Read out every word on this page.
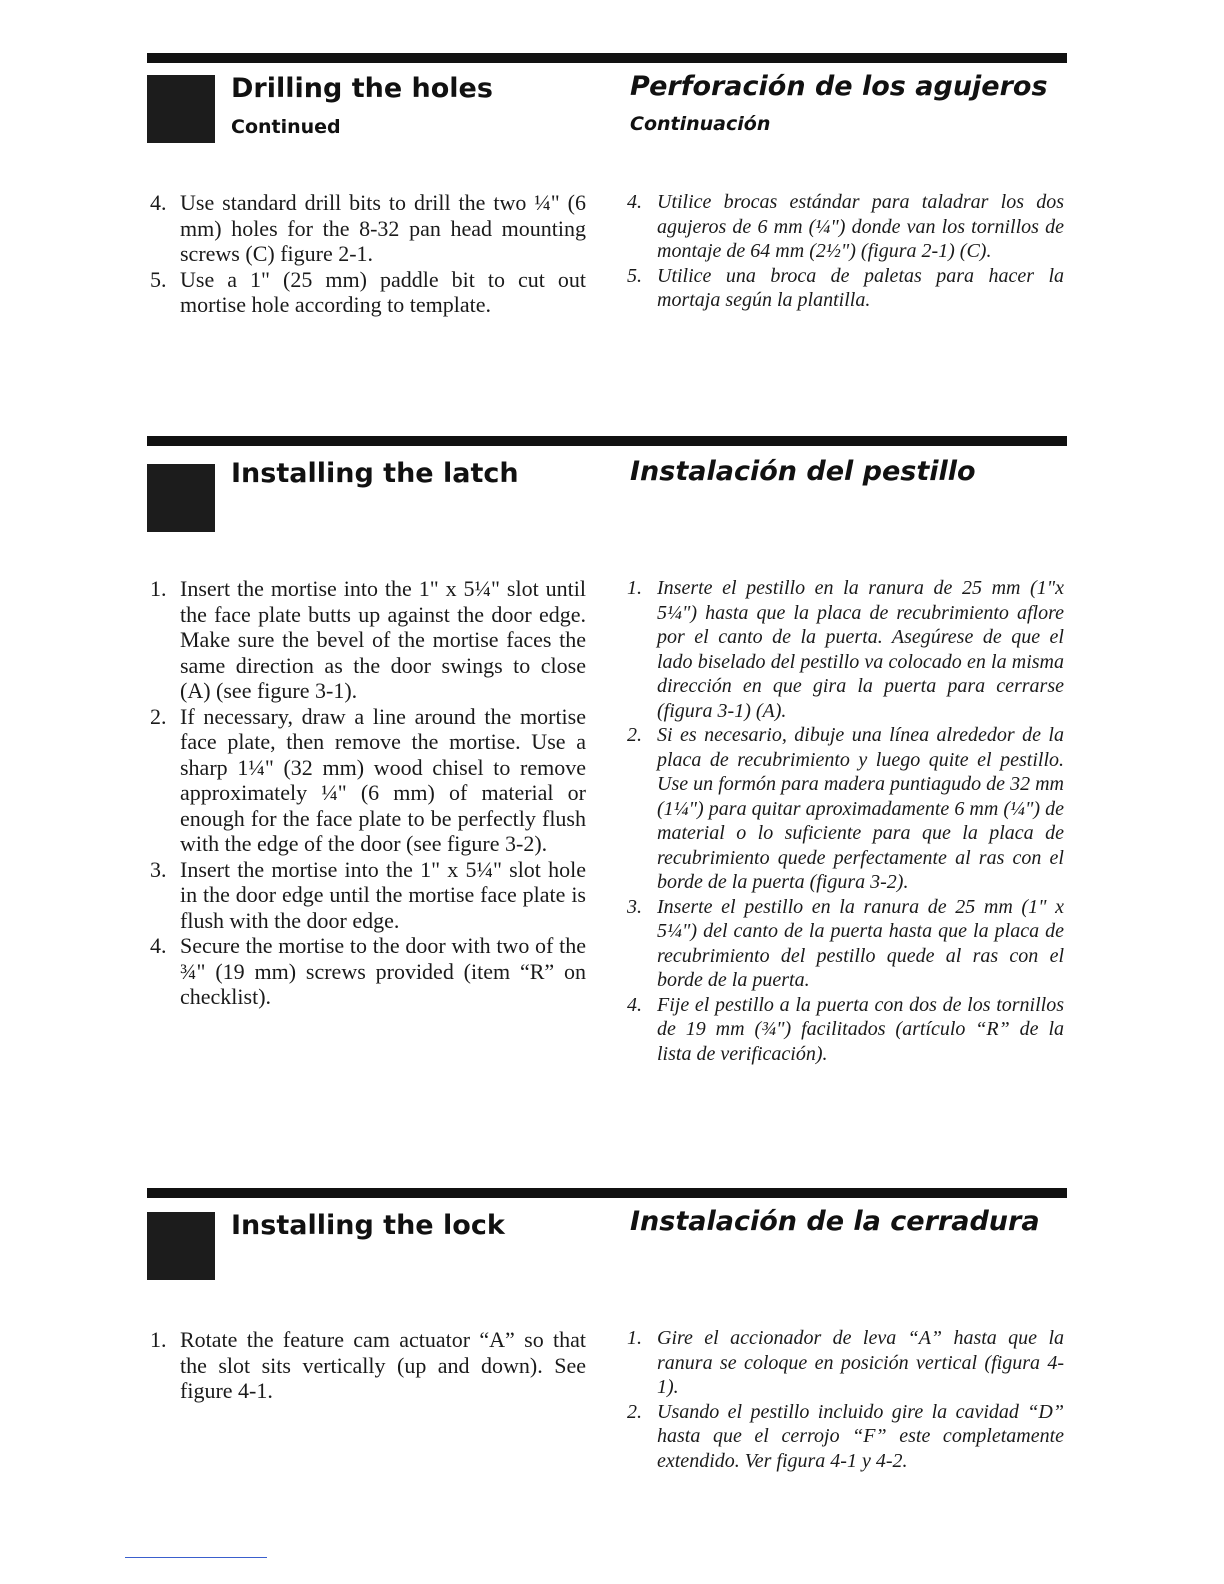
Drilling the holes
Continued
Perforación de los agujeros
Continuación
4. Use standard drill bits to drill the two ¼" (6 mm) holes for the 8-32 pan head mounting screws (C) figure 2-1.
5. Use a 1" (25 mm) paddle bit to cut out mortise hole according to template.
4. Utilice brocas estándar para taladrar los dos agujeros de 6 mm (¼") donde van los tornillos de montaje de 64 mm (2½") (figura 2-1) (C).
5. Utilice una broca de paletas para hacer la mortaja según la plantilla.
Installing the latch	Instalación del pestillo
1. Insert the mortise into the 1" x 5¼" slot until the face plate butts up against the door edge. Make sure the bevel of the mortise faces the same direction as the door swings to close (A) (see figure 3-1).
2. If necessary, draw a line around the mortise face plate, then remove the mortise. Use a sharp 1¼" (32 mm) wood chisel to remove approximately ¼" (6 mm) of material or enough for the face plate to be perfectly flush with the edge of the door (see figure 3-2).
3. Insert the mortise into the 1" x 5¼" slot hole in the door edge until the mortise face plate is flush with the door edge.
4. Secure the mortise to the door with two of the ¾" (19 mm) screws provided (item “R” on checklist).
1. Inserte el pestillo en la ranura de 25 mm (1"x 5¼") hasta que la placa de recubrimiento aflore por el canto de la puerta. Asegúrese de que el lado biselado del pestillo va colocado en la misma dirección en que gira la puerta para cerrarse (figura 3-1) (A).
2. Si es necesario, dibuje una línea alrededor de la placa de recubrimiento y luego quite el pestillo. Use un formón para madera puntiagudo de 32 mm (1¼") para quitar aproximadamente 6 mm (¼") de material o lo suficiente para que la placa de recubrimiento quede perfectamente al ras con el borde de la puerta (figura 3-2).
3. Inserte el pestillo en la ranura de 25 mm (1" x 5¼") del canto de la puerta hasta que la placa de recubrimiento del pestillo quede al ras con el borde de la puerta.
4. Fije el pestillo a la puerta con dos de los tornillos de 19 mm (¾") facilitados (artículo “R” de la lista de verificación).
Installing the lock	Instalación de la cerradura
1. Rotate the feature cam actuator “A” so that the slot sits vertically (up and down). See figure 4-1.
1. Gire el accionador de leva “A” hasta que la ranura se coloque en posición vertical (figura 4-1).
2. Usando el pestillo incluido gire la cavidad “D” hasta que el cerrojo “F” este completamente extendido. Ver figura 4-1 y 4-2.
